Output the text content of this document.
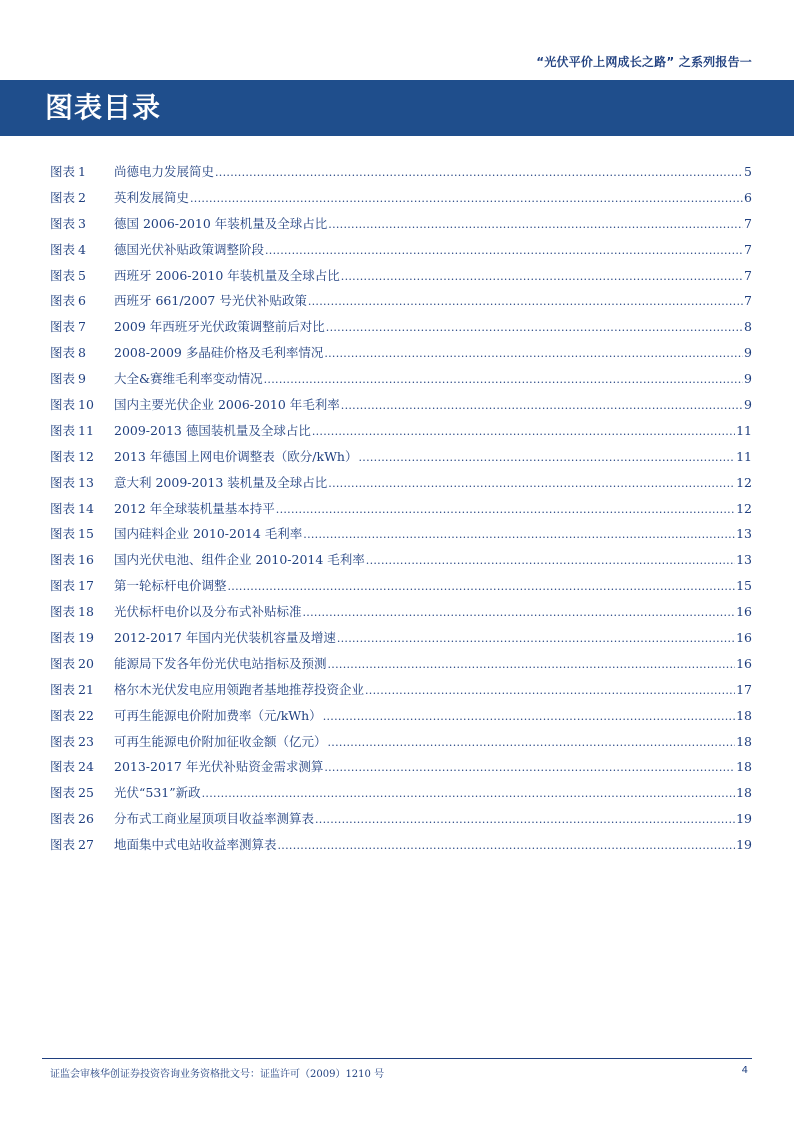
“光伏平价上网成长之路” 之系列报告一
图表目录
图表 1	尚德电力发展简史 . . .	5
图表 2	英利发展简史 . . .	6
图表 3	德国 2006-2010 年装机量及全球占比 . . .	7
图表 4	德国光伏补贴政策调整阶段 . . .	7
图表 5	西班牙 2006-2010 年装机量及全球占比 . . .	7
图表 6	西班牙 661/2007 号光伏补贴政策 . . .	7
图表 7	2009 年西班牙光伏政策调整前后对比 . . .	8
图表 8	2008-2009 多晶硅价格及毛利率情况 . . .	9
图表 9	大全&赛维毛利率变动情况 . . .	9
图表 10	国内主要光伏企业 2006-2010 年毛利率 . . .	9
图表 11	2009-2013 德国装机量及全球占比 . . .	11
图表 12	2013 年德国上网电价调整表（欧分/kWh） . . .	11
图表 13	意大利 2009-2013 装机量及全球占比 . . .	12
图表 14	2012 年全球装机量基本持平 . . .	12
图表 15	国内硅料企业 2010-2014 毛利率 . . .	13
图表 16	国内光伏电池、组件企业 2010-2014 毛利率 . . .	13
图表 17	第一轮标杆电价调整 . . .	15
图表 18	光伏标杆电价以及分布式补贴标准 . . .	16
图表 19	2012-2017 年国内光伏装机容量及增速 . . .	16
图表 20	能源局下发各年份光伏电站指标及预测 . . .	16
图表 21	格尔木光伏发电应用领跑者基地推荐投资企业 . . .	17
图表 22	可再生能源电价附加费率（元/kWh） . . .	18
图表 23	可再生能源电价附加征收金额（亿元） . . .	18
图表 24	2013-2017 年光伏补贴资金需求测算 . . .	18
图表 25	光伏“531”新政 . . .	18
图表 26	分布式工商业屋顶项目收益率测算表 . . .	19
图表 27	地面集中式电站收益率测算表 . . .	19
证监会审核华创证券投资咨询业务资格批文号：证监许可（2009）1210 号	4
